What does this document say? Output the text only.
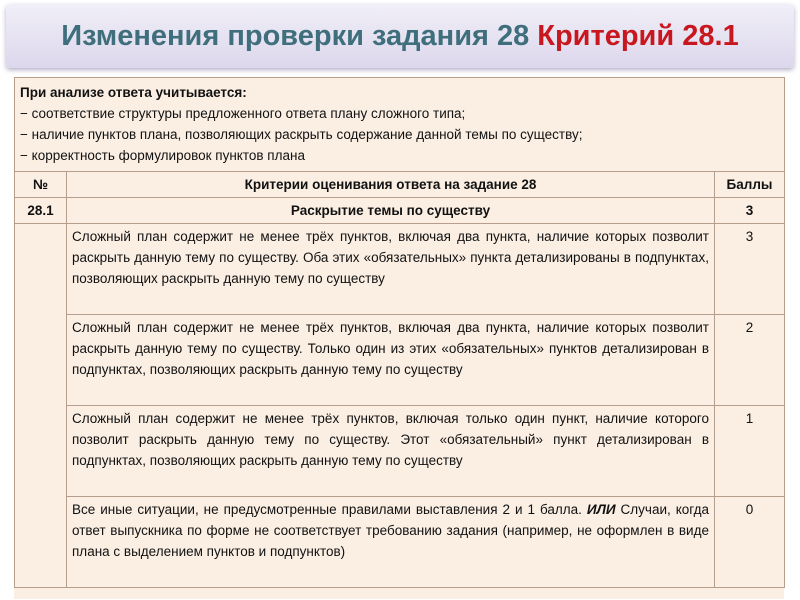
Изменения проверки задания 28 Критерий 28.1
При анализе ответа учитывается:
− соответствие структуры предложенного ответа плану сложного типа;
− наличие пунктов плана, позволяющих раскрыть содержание данной темы по существу;
− корректность формулировок пунктов плана		

№	Критерии оценивания ответа на задание 28	Баллы
28.1	Раскрытие темы по существу	3
	Сложный план содержит не менее трёх пунктов, включая два пункта, наличие которых позволит раскрыть данную тему по существу. Оба этих «обязательных» пункта детализированы в подпунктах, позволяющих раскрыть данную тему по существу	3
	Сложный план содержит не менее трёх пунктов, включая два пункта, наличие которых позволит раскрыть данную тему по существу. Только один из этих «обязательных» пунктов детализирован в подпунктах, позволяющих раскрыть данную тему по существу	2
	Сложный план содержит не менее трёх пунктов, включая только один пункт, наличие которого позволит раскрыть данную тему по существу. Этот «обязательный» пункт детализирован в подпунктах, позволяющих раскрыть данную тему по существу	1
	Все иные ситуации, не предусмотренные правилами выставления 2 и 1 балла. ИЛИ Случаи, когда ответ выпускника по форме не соответствует требованию задания (например, не оформлен в виде плана с выделением пунктов и подпунктов)	0
